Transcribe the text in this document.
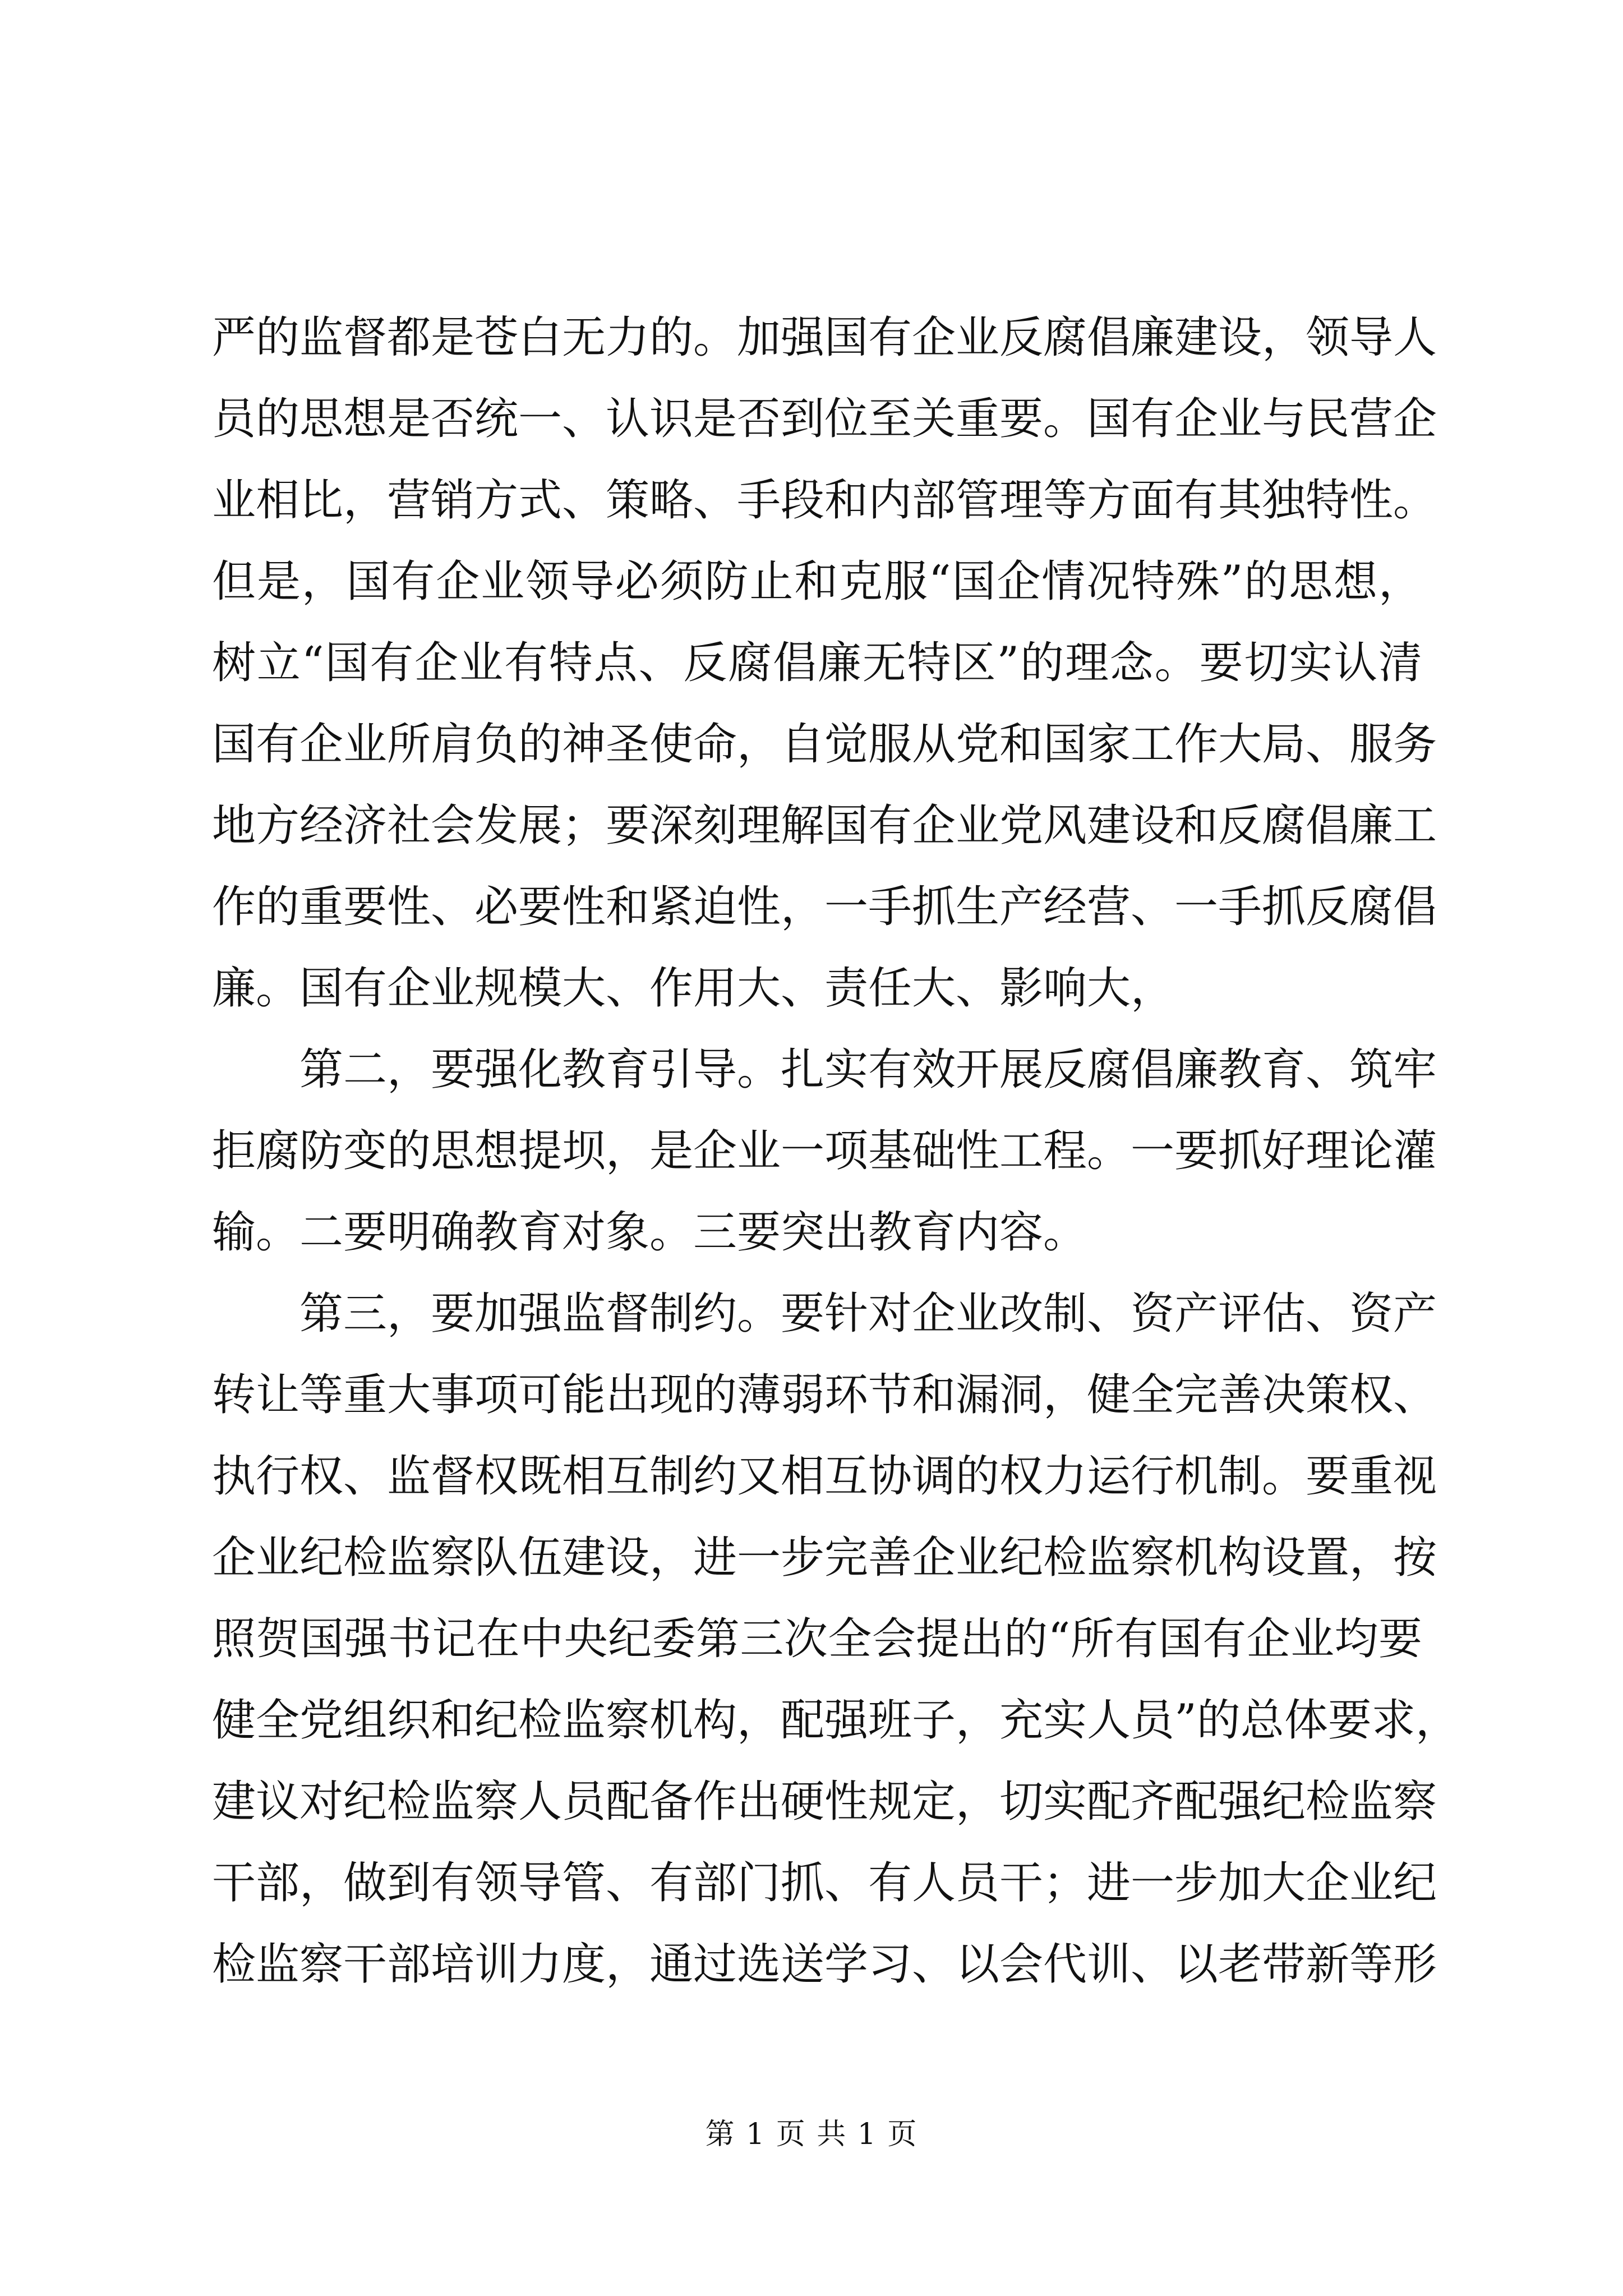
严的监督都是苍白无力的。加强国有企业反腐倡廉建设，领导人
员的思想是否统一、认识是否到位至关重要。国有企业与民营企
业相比，营销方式、策略、手段和内部管理等方面有其独特性。
但是，国有企业领导必须防止和克服“国企情况特殊”的思想，
树立“国有企业有特点、反腐倡廉无特区”的理念。要切实认清
国有企业所肩负的神圣使命，自觉服从党和国家工作大局、服务
地方经济社会发展；要深刻理解国有企业党风建设和反腐倡廉工
作的重要性、必要性和紧迫性，一手抓生产经营、一手抓反腐倡
廉。国有企业规模大、作用大、责任大、影响大，
第二，要强化教育引导。扎实有效开展反腐倡廉教育、筑牢
拒腐防变的思想提坝，是企业一项基础性工程。一要抓好理论灌
输。二要明确教育对象。三要突出教育内容。
第三，要加强监督制约。要针对企业改制、资产评估、资产
转让等重大事项可能出现的薄弱环节和漏洞，健全完善决策权、
执行权、监督权既相互制约又相互协调的权力运行机制。要重视
企业纪检监察队伍建设，进一步完善企业纪检监察机构设置，按
照贺国强书记在中央纪委第三次全会提出的“所有国有企业均要
健全党组织和纪检监察机构，配强班子，充实人员”的总体要求，
建议对纪检监察人员配备作出硬性规定，切实配齐配强纪检监察
干部，做到有领导管、有部门抓、有人员干；进一步加大企业纪
检监察干部培训力度，通过选送学习、以会代训、以老带新等形
第 1 页 共 1 页
